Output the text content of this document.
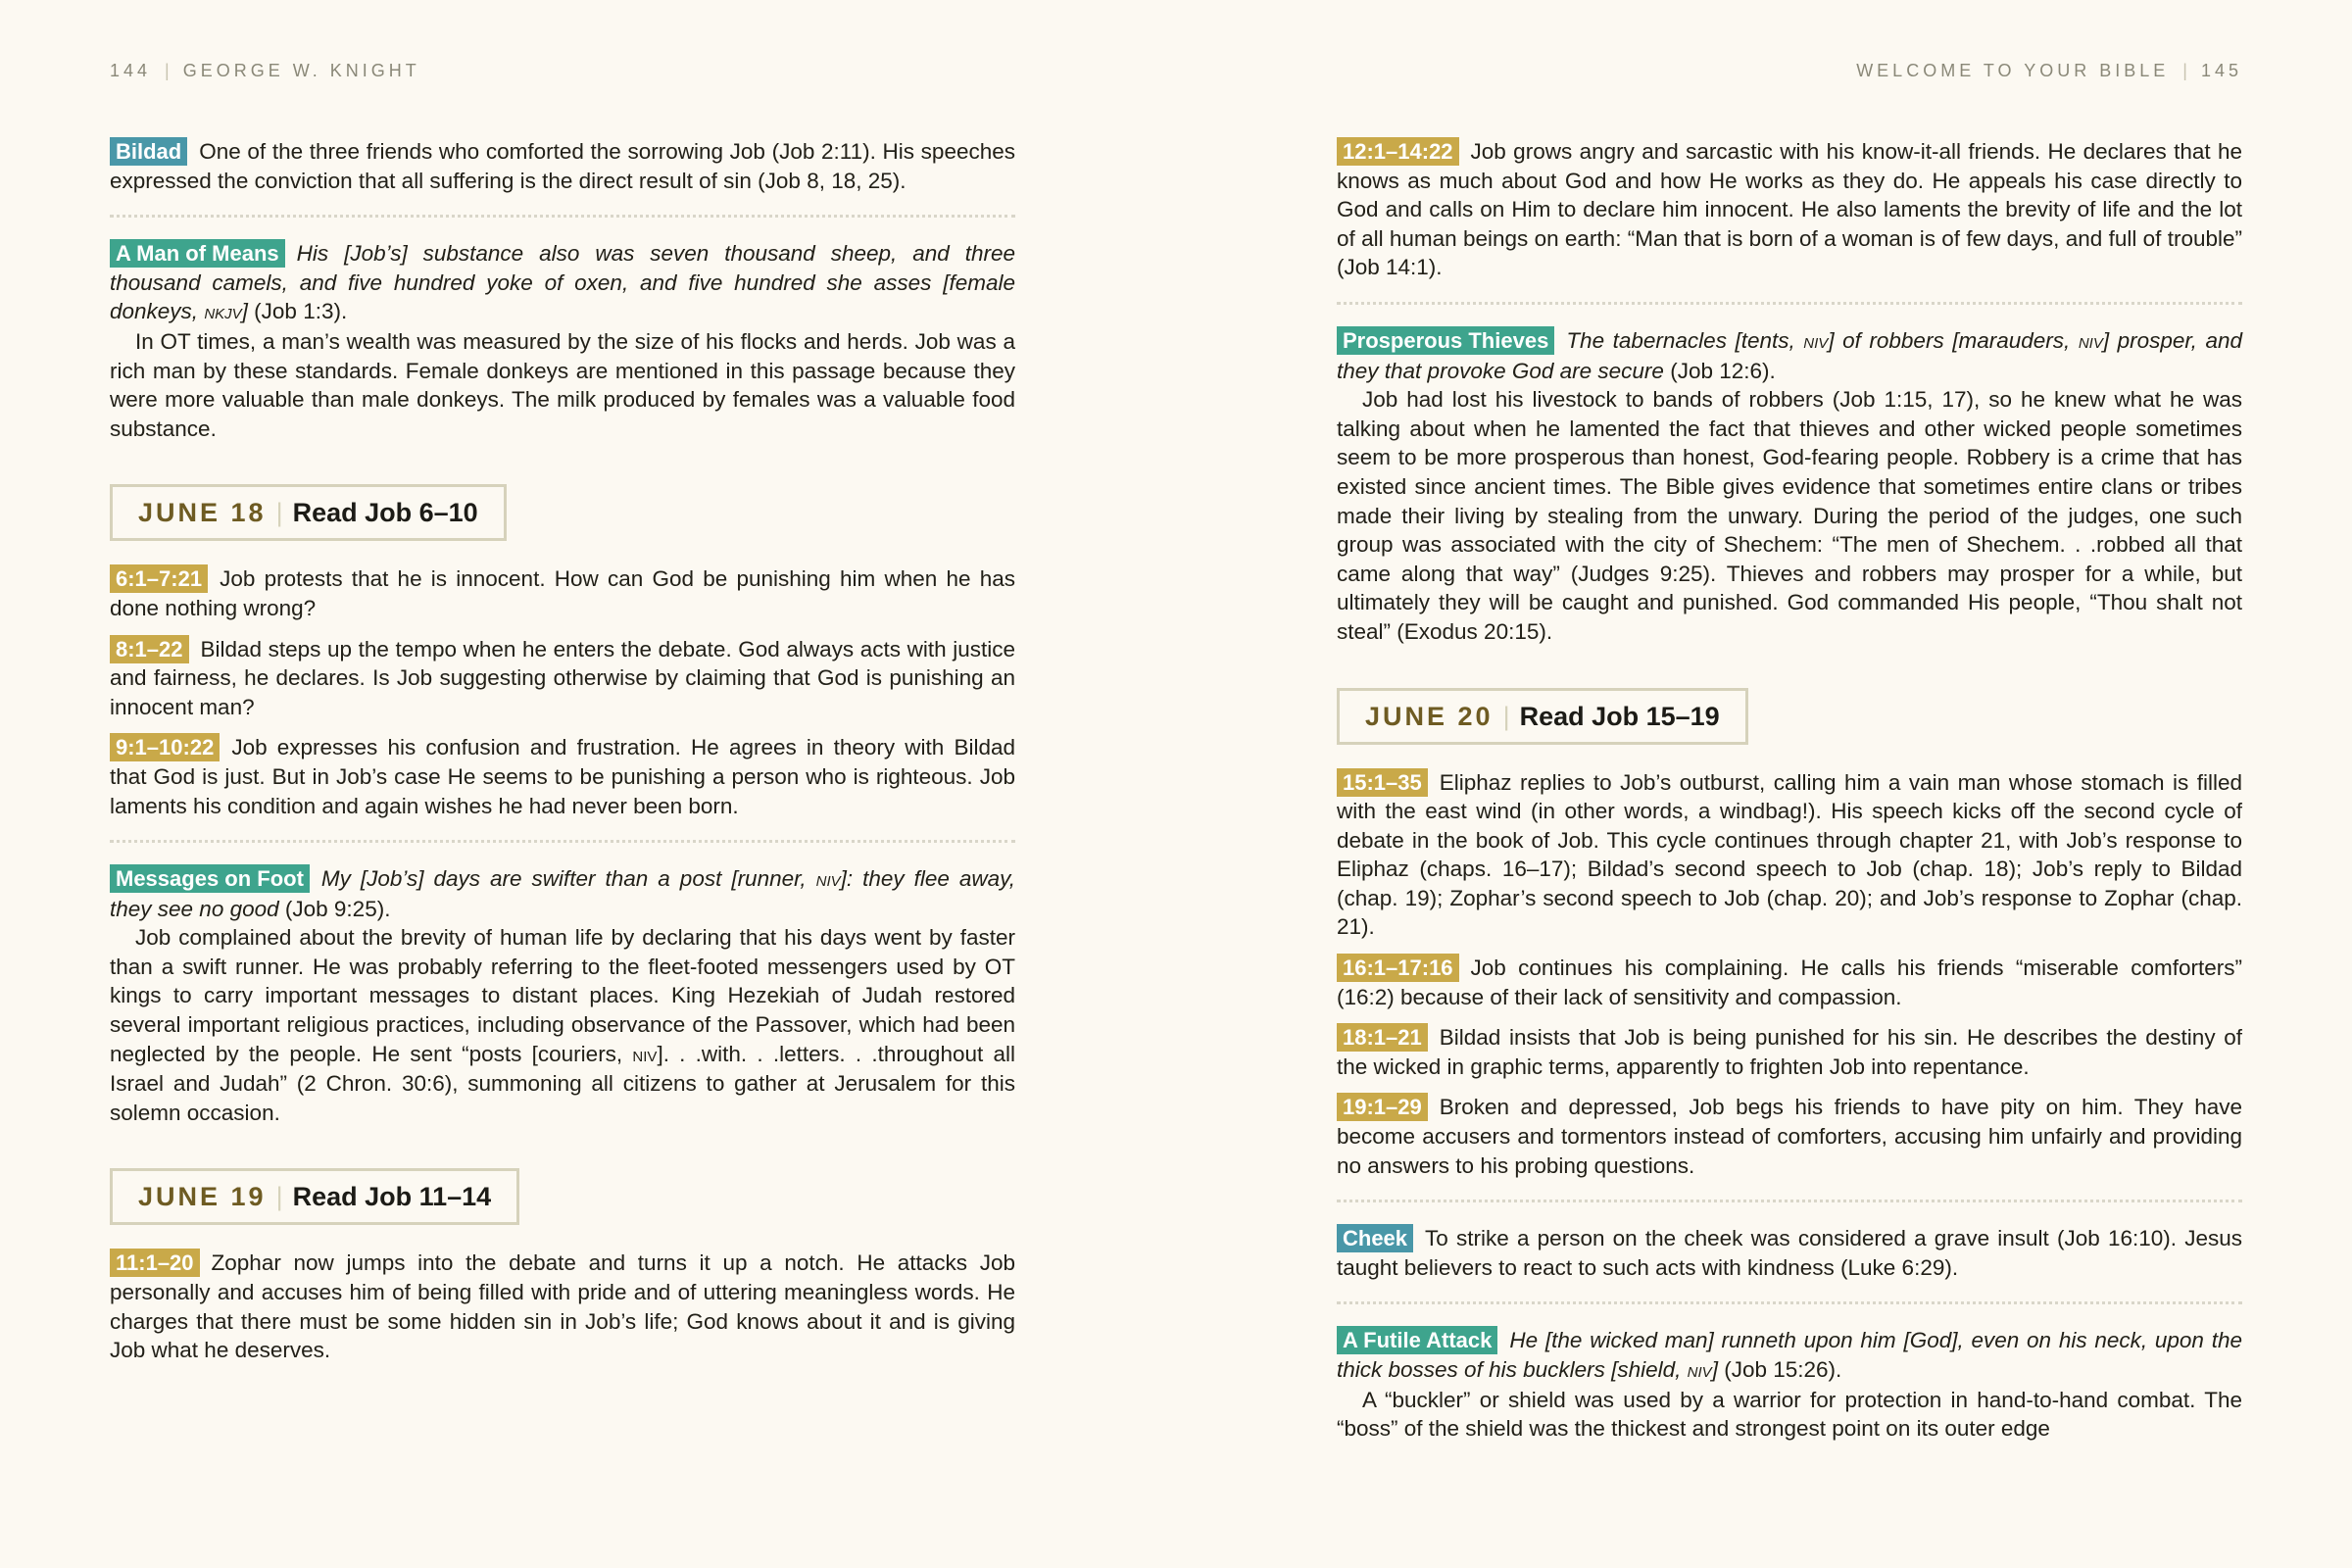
144 | GEORGE W. KNIGHT	WELCOME TO YOUR BIBLE | 145

Bildad One of the three friends who comforted the sorrowing Job (Job 2:11). His speeches expressed the conviction that all suffering is the direct result of sin (Job 8, 18, 25).

A Man of Means His [Job’s] substance also was seven thousand sheep, and three thousand camels, and five hundred yoke of oxen, and five hundred she asses [female donkeys, nkjv] (Job 1:3).

In OT times, a man’s wealth was measured by the size of his flocks and herds. Job was a rich man by these standards. Female donkeys are mentioned in this passage because they were more valuable than male donkeys. The milk produced by females was a valuable food substance.

JUNE 18 | Read Job 6–10

6:1–7:21 Job protests that he is innocent. How can God be punishing him when he has done nothing wrong?

8:1–22 Bildad steps up the tempo when he enters the debate. God always acts with justice and fairness, he declares. Is Job suggesting otherwise by claiming that God is punishing an innocent man?

9:1–10:22 Job expresses his confusion and frustration. He agrees in theory with Bildad that God is just. But in Job’s case He seems to be punishing a person who is righteous. Job laments his condition and again wishes he had never been born.

Messages on Foot My [Job’s] days are swifter than a post [runner, niv]: they flee away, they see no good (Job 9:25).

Job complained about the brevity of human life by declaring that his days went by faster than a swift runner. He was probably referring to the fleet-footed messengers used by OT kings to carry important messages to distant places. King Hezekiah of Judah restored several important religious practices, including observance of the Passover, which had been neglected by the people. He sent “posts [couriers, niv]. . .with. . .letters. . .throughout all Israel and Judah” (2 Chron. 30:6), summoning all citizens to gather at Jerusalem for this solemn occasion.

JUNE 19 | Read Job 11–14

11:1–20 Zophar now jumps into the debate and turns it up a notch. He attacks Job personally and accuses him of being filled with pride and of uttering meaningless words. He charges that there must be some hidden sin in Job’s life; God knows about it and is giving Job what he deserves.

12:1–14:22 Job grows angry and sarcastic with his know-it-all friends. He declares that he knows as much about God and how He works as they do. He appeals his case directly to God and calls on Him to declare him innocent. He also laments the brevity of life and the lot of all human beings on earth: “Man that is born of a woman is of few days, and full of trouble” (Job 14:1).

Prosperous Thieves The tabernacles [tents, niv] of robbers [marauders, niv] prosper, and they that provoke God are secure (Job 12:6).

Job had lost his livestock to bands of robbers (Job 1:15, 17), so he knew what he was talking about when he lamented the fact that thieves and other wicked people sometimes seem to be more prosperous than honest, God-fearing people. Robbery is a crime that has existed since ancient times. The Bible gives evidence that sometimes entire clans or tribes made their living by stealing from the unwary. During the period of the judges, one such group was associated with the city of Shechem: “The men of Shechem. . .robbed all that came along that way” (Judges 9:25). Thieves and robbers may prosper for a while, but ultimately they will be caught and punished. God commanded His people, “Thou shalt not steal” (Exodus 20:15).

JUNE 20 | Read Job 15–19

15:1–35 Eliphaz replies to Job’s outburst, calling him a vain man whose stomach is filled with the east wind (in other words, a windbag!). His speech kicks off the second cycle of debate in the book of Job. This cycle continues through chapter 21, with Job’s response to Eliphaz (chaps. 16–17); Bildad’s second speech to Job (chap. 18); Job’s reply to Bildad (chap. 19); Zophar’s second speech to Job (chap. 20); and Job’s response to Zophar (chap. 21).

16:1–17:16 Job continues his complaining. He calls his friends “miserable comforters” (16:2) because of their lack of sensitivity and compassion.

18:1–21 Bildad insists that Job is being punished for his sin. He describes the destiny of the wicked in graphic terms, apparently to frighten Job into repentance.

19:1–29 Broken and depressed, Job begs his friends to have pity on him. They have become accusers and tormentors instead of comforters, accusing him unfairly and providing no answers to his probing questions.

Cheek To strike a person on the cheek was considered a grave insult (Job 16:10). Jesus taught believers to react to such acts with kindness (Luke 6:29).

A Futile Attack He [the wicked man] runneth upon him [God], even on his neck, upon the thick bosses of his bucklers [shield, niv] (Job 15:26).

A “buckler” or shield was used by a warrior for protection in hand-to-hand combat. The “boss” of the shield was the thickest and strongest point on its outer edge
